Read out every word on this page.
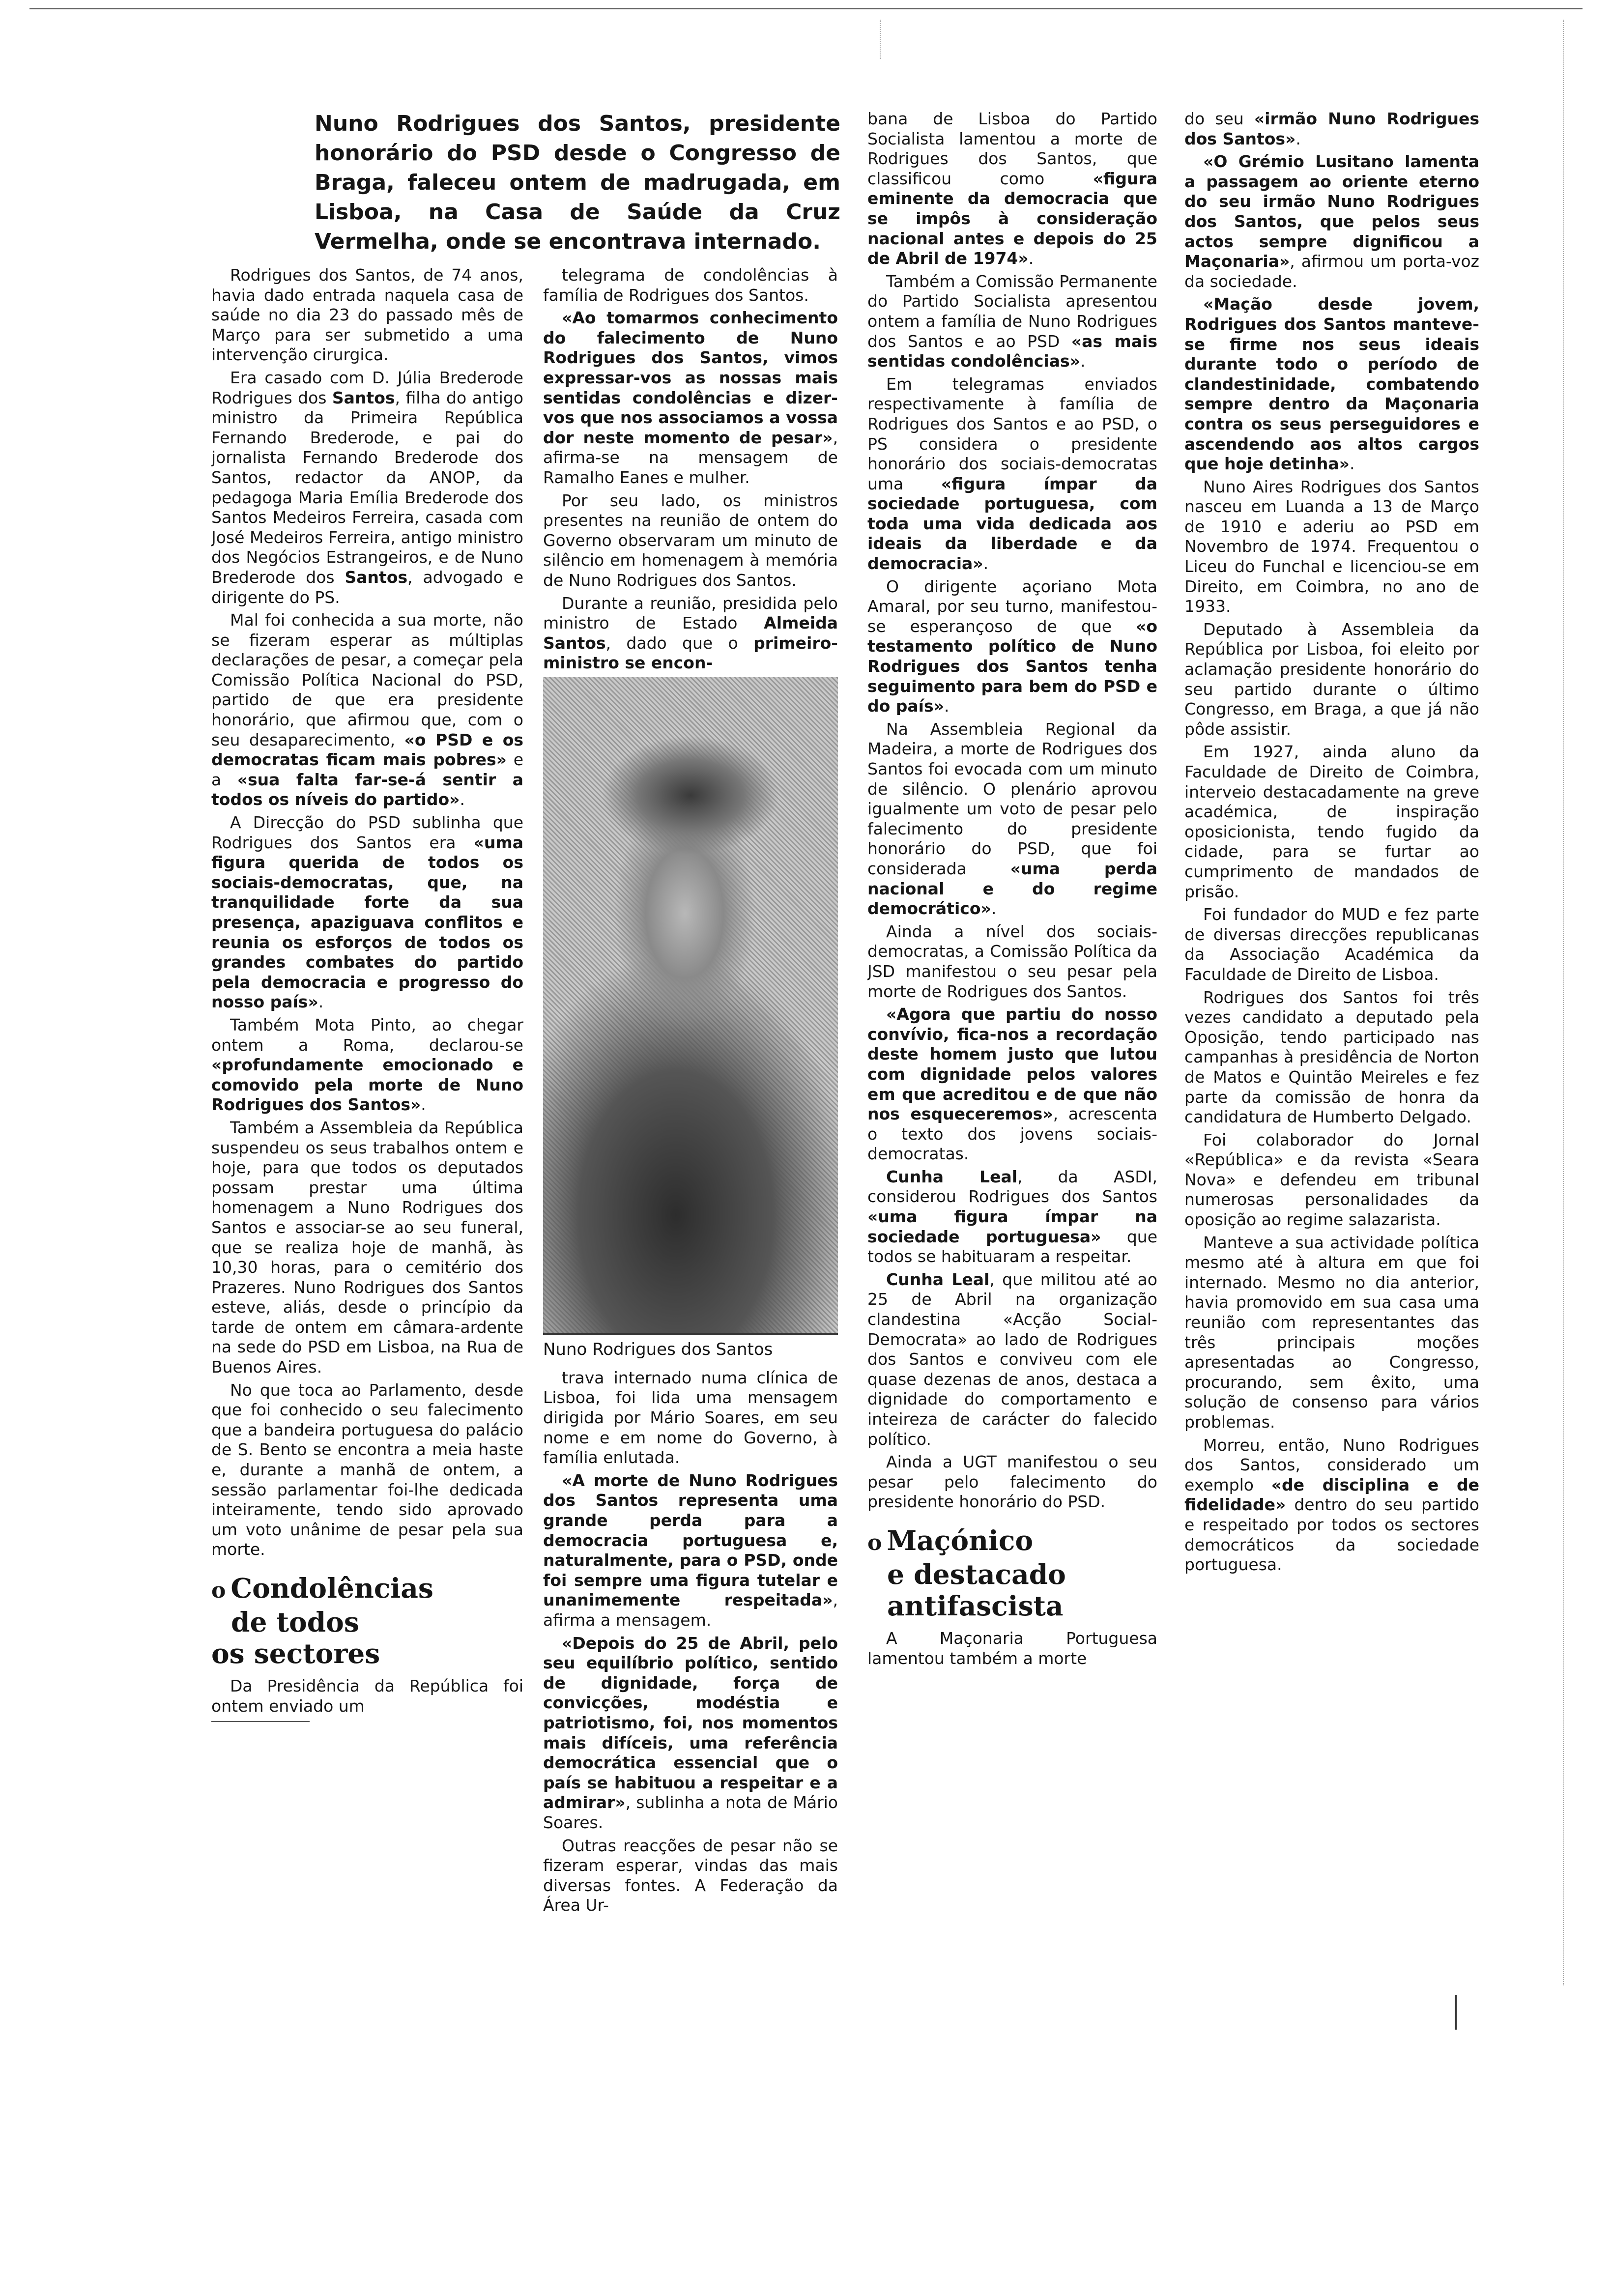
Nuno Rodrigues dos Santos, presidente honorário do PSD desde o Congresso de Braga, faleceu ontem de madrugada, em Lisboa, na Casa de Saúde da Cruz Vermelha, onde se encontrava internado.

Rodrigues dos Santos, de 74 anos, havia dado entrada naquela casa de saúde no dia 23 do passado mês de Março para ser submetido a uma intervenção cirurgica.

Era casado com D. Júlia Brederode Rodrigues dos Santos, filha do antigo ministro da Primeira República Fernando Brederode, e pai do jornalista Fernando Brederode dos Santos, redactor da ANOP, da pedagoga Maria Emília Brederode dos Santos Medeiros Ferreira, casada com José Medeiros Ferreira, antigo ministro dos Negócios Estrangeiros, e de Nuno Brederode dos Santos, advogado e dirigente do PS.

Mal foi conhecida a sua morte, não se fizeram esperar as múltiplas declarações de pesar, a começar pela Comissão Política Nacional do PSD, partido de que era presidente honorário, que afirmou que, com o seu desaparecimento, «o PSD e os democratas ficam mais pobres» e a «sua falta far-se-á sentir a todos os níveis do partido».

A Direcção do PSD sublinha que Rodrigues dos Santos era «uma figura querida de todos os sociais-democratas, que, na tranquilidade forte da sua presença, apaziguava conflitos e reunia os esforços de todos os grandes combates do partido pela democracia e progresso do nosso país».

Também Mota Pinto, ao chegar ontem a Roma, declarou-se «profundamente emocionado e comovido pela morte de Nuno Rodrigues dos Santos».

Também a Assembleia da República suspendeu os seus trabalhos ontem e hoje, para que todos os deputados possam prestar uma última homenagem a Nuno Rodrigues dos Santos e associar-se ao seu funeral, que se realiza hoje de manhã, às 10,30 horas, para o cemitério dos Prazeres. Nuno Rodrigues dos Santos esteve, aliás, desde o princípio da tarde de ontem em câmara-ardente na sede do PSD em Lisboa, na Rua de Buenos Aires.

No que toca ao Parlamento, desde que foi conhecido o seu falecimento que a bandeira portuguesa do palácio de S. Bento se encontra a meia haste e, durante a manhã de ontem, a sessão parlamentar foi-lhe dedicada inteiramente, tendo sido aprovado um voto unânime de pesar pela sua morte.

o Condolências
de todos
os sectores

Da Presidência da República foi ontem enviado um

telegrama de condolências à família de Rodrigues dos Santos.

«Ao tomarmos conhecimento do falecimento de Nuno Rodrigues dos Santos, vimos expressar-vos as nossas mais sentidas condolências e dizer-vos que nos associamos a vossa dor neste momento de pesar», afirma-se na mensagem de Ramalho Eanes e mulher.

Por seu lado, os ministros presentes na reunião de ontem do Governo observaram um minuto de silêncio em homenagem à memória de Nuno Rodrigues dos Santos.

Durante a reunião, presidida pelo ministro de Estado Almeida Santos, dado que o primeiro-ministro se encon-

Nuno Rodrigues dos Santos

trava internado numa clínica de Lisboa, foi lida uma mensagem dirigida por Mário Soares, em seu nome e em nome do Governo, à família enlutada.

«A morte de Nuno Rodrigues dos Santos representa uma grande perda para a democracia portuguesa e, naturalmente, para o PSD, onde foi sempre uma figura tutelar e unanimemente respeitada», afirma a mensagem.

«Depois do 25 de Abril, pelo seu equilíbrio político, sentido de dignidade, força de convicções, modéstia e patriotismo, foi, nos momentos mais difíceis, uma referência democrática essencial que o país se habituou a respeitar e a admirar», sublinha a nota de Mário Soares.

Outras reacções de pesar não se fizeram esperar, vindas das mais diversas fontes. A Federação da Área Ur-

bana de Lisboa do Partido Socialista lamentou a morte de Rodrigues dos Santos, que classificou como «figura eminente da democracia que se impôs à consideração nacional antes e depois do 25 de Abril de 1974».

Também a Comissão Permanente do Partido Socialista apresentou ontem a família de Nuno Rodrigues dos Santos e ao PSD «as mais sentidas condolências».

Em telegramas enviados respectivamente à família de Rodrigues dos Santos e ao PSD, o PS considera o presidente honorário dos sociais-democratas uma «figura ímpar da sociedade portuguesa, com toda uma vida dedicada aos ideais da liberdade e da democracia».

O dirigente açoriano Mota Amaral, por seu turno, manifestou-se esperançoso de que «o testamento político de Nuno Rodrigues dos Santos tenha seguimento para bem do PSD e do país».

Na Assembleia Regional da Madeira, a morte de Rodrigues dos Santos foi evocada com um minuto de silêncio. O plenário aprovou igualmente um voto de pesar pelo falecimento do presidente honorário do PSD, que foi considerada «uma perda nacional e do regime democrático».

Ainda a nível dos sociais-democratas, a Comissão Política da JSD manifestou o seu pesar pela morte de Rodrigues dos Santos.

«Agora que partiu do nosso convívio, fica-nos a recordação deste homem justo que lutou com dignidade pelos valores em que acreditou e de que não nos esqueceremos», acrescenta o texto dos jovens sociais-democratas.

Cunha Leal, da ASDI, considerou Rodrigues dos Santos «uma figura ímpar na sociedade portuguesa» que todos se habituaram a respeitar.

Cunha Leal, que militou até ao 25 de Abril na organização clandestina «Acção Social-Democrata» ao lado de Rodrigues dos Santos e conviveu com ele quase dezenas de anos, destaca a dignidade do comportamento e inteireza de carácter do falecido político.

Ainda a UGT manifestou o seu pesar pelo falecimento do presidente honorário do PSD.

o Maçónico
e destacado
antifascista

A Maçonaria Portuguesa lamentou também a morte

do seu «irmão Nuno Rodrigues dos Santos».

«O Grémio Lusitano lamenta a passagem ao oriente eterno do seu irmão Nuno Rodrigues dos Santos, que pelos seus actos sempre dignificou a Maçonaria», afirmou um porta-voz da sociedade.

«Mação desde jovem, Rodrigues dos Santos manteve-se firme nos seus ideais durante todo o período de clandestinidade, combatendo sempre dentro da Maçonaria contra os seus perseguidores e ascendendo aos altos cargos que hoje detinha».

Nuno Aires Rodrigues dos Santos nasceu em Luanda a 13 de Março de 1910 e aderiu ao PSD em Novembro de 1974. Frequentou o Liceu do Funchal e licenciou-se em Direito, em Coimbra, no ano de 1933.

Deputado à Assembleia da República por Lisboa, foi eleito por aclamação presidente honorário do seu partido durante o último Congresso, em Braga, a que já não pôde assistir.

Em 1927, ainda aluno da Faculdade de Direito de Coimbra, interveio destacadamente na greve académica, de inspiração oposicionista, tendo fugido da cidade, para se furtar ao cumprimento de mandados de prisão.

Foi fundador do MUD e fez parte de diversas direcções republicanas da Associação Académica da Faculdade de Direito de Lisboa.

Rodrigues dos Santos foi três vezes candidato a deputado pela Oposição, tendo participado nas campanhas à presidência de Norton de Matos e Quintão Meireles e fez parte da comissão de honra da candidatura de Humberto Delgado.

Foi colaborador do Jornal «República» e da revista «Seara Nova» e defendeu em tribunal numerosas personalidades da oposição ao regime salazarista.

Manteve a sua actividade política mesmo até à altura em que foi internado. Mesmo no dia anterior, havia promovido em sua casa uma reunião com representantes das três principais moções apresentadas ao Congresso, procurando, sem êxito, uma solução de consenso para vários problemas.

Morreu, então, Nuno Rodrigues dos Santos, considerado um exemplo «de disciplina e de fidelidade» dentro do seu partido e respeitado por todos os sectores democráticos da sociedade portuguesa.
